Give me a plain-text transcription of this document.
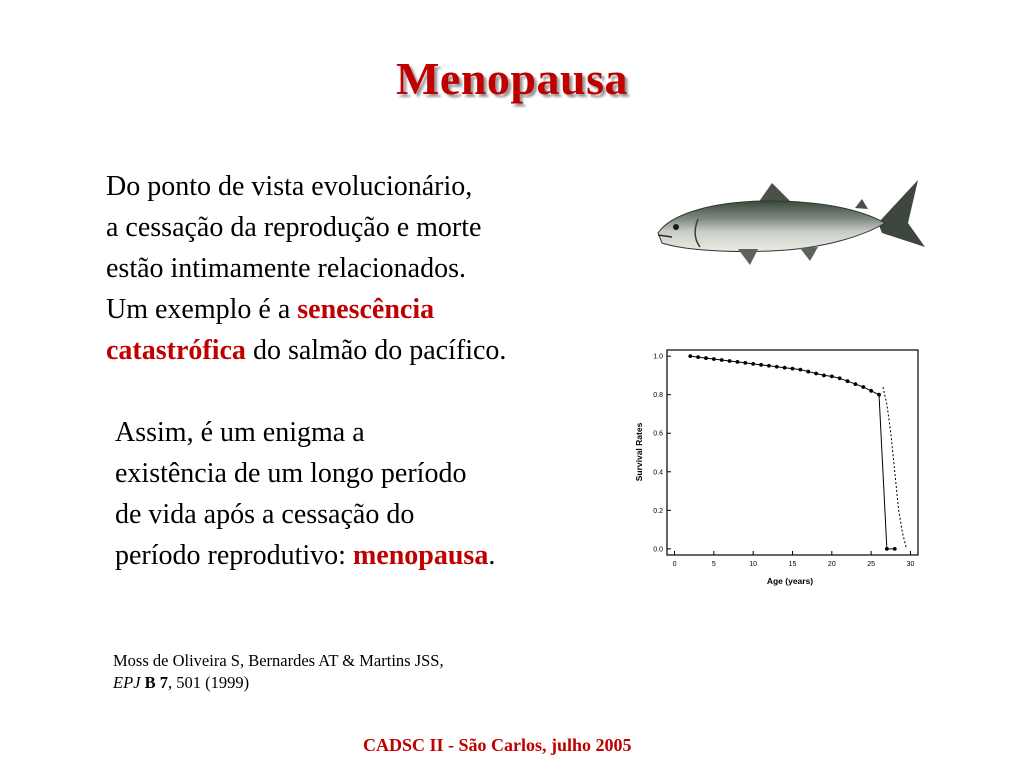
Menopausa
Do ponto de vista evolucionário,
a cessação da reprodução e morte
estão intimamente relacionados.
Um exemplo é a senescência
catastrófica do salmão do pacífico.
Assim, é um enigma a
existência de um longo período
de vida após a cessação do
período reprodutivo: menopausa.
Moss de Oliveira S, Bernardes AT & Martins JSS,
EPJ B 7, 501 (1999)

CADSC II - São Carlos, julho 2005

0.0
0.2
0.4
0.6
0.8
1.0
0	5	10	15	20	25	30
Age (years)
Survival Rates
